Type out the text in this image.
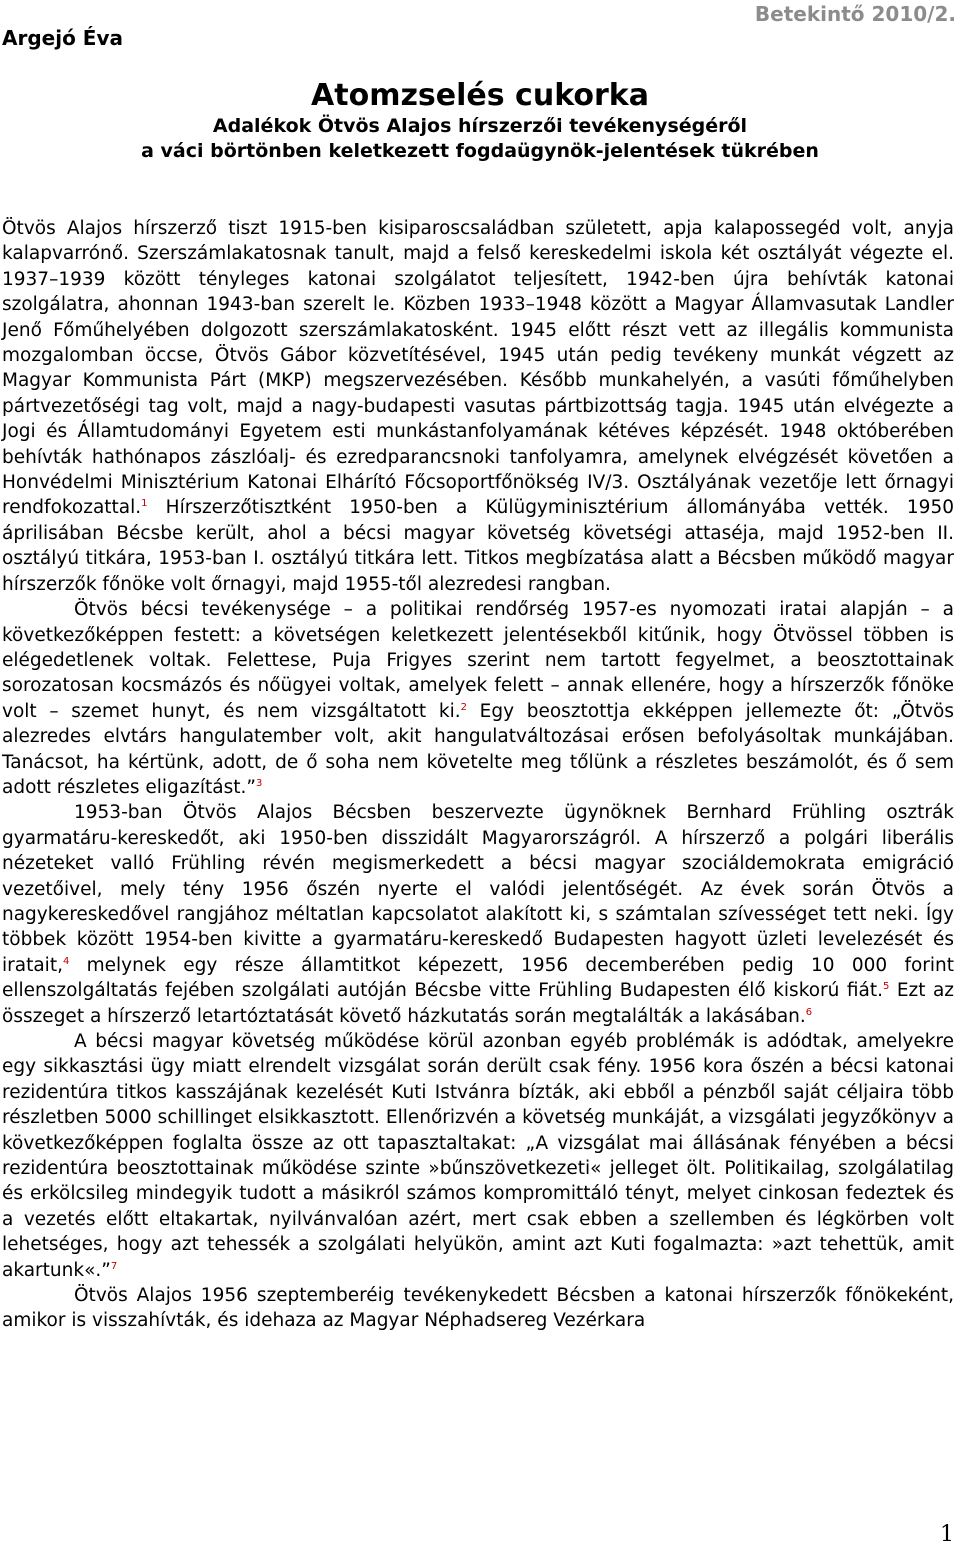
Argejó Éva
Betekintő 2010/2.
Atomzselés cukorka
Adalékok Ötvös Alajos hírszerzői tevékenységéről
a váci börtönben keletkezett fogdaügynök-jelentések tükrében

Ötvös Alajos hírszerző tiszt 1915-ben kisiparoscsaládban született, apja kalapossegéd volt, anyja kalapvarrónő. Szerszámlakatosnak tanult, majd a felső kereskedelmi iskola két osztályát végezte el. 1937–1939 között tényleges katonai szolgálatot teljesített, 1942-ben újra behívták katonai szolgálatra, ahonnan 1943-ban szerelt le. Közben 1933–1948 között a Magyar Államvasutak Landler Jenő Főműhelyében dolgozott szerszámlakatosként. 1945 előtt részt vett az illegális kommunista mozgalomban öccse, Ötvös Gábor közvetítésével, 1945 után pedig tevékeny munkát végzett az Magyar Kommunista Párt (MKP) megszervezésében. Később munkahelyén, a vasúti főműhelyben pártvezetőségi tag volt, majd a nagy-budapesti vasutas pártbizottság tagja. 1945 után elvégezte a Jogi és Államtudományi Egyetem esti munkástanfolyamának kétéves képzését. 1948 októberében behívták hathónapos zászlóalj- és ezredparancsnoki tanfolyamra, amelynek elvégzését követően a Honvédelmi Minisztérium Katonai Elhárító Főcsoportfőnökség IV/3. Osztályának vezetője lett őrnagyi rendfokozattal.$^1$ Hírszerzőtisztként 1950-ben a Külügyminisztérium állományába vették. 1950 áprilisában Bécsbe került, ahol a bécsi magyar követség követségi attaséja, majd 1952-ben II. osztályú titkára, 1953-ban I. osztályú titkára lett. Titkos megbízatása alatt a Bécsben működő magyar hírszerzők főnöke volt őrnagyi, majd 1955-től alezredesi rangban.

Ötvös bécsi tevékenysége – a politikai rendőrség 1957-es nyomozati iratai alapján – a következőképpen festett: a követségen keletkezett jelentésekből kitűnik, hogy Ötvössel többen is elégedetlenek voltak. Felettese, Puja Frigyes szerint nem tartott fegyelmet, a beosztottainak sorozatosan kocsmázós és nőügyei voltak, amelyek felett – annak ellenére, hogy a hírszerzők főnöke volt – szemet hunyt, és nem vizsgáltatott ki.$^2$ Egy beosztottja ekképpen jellemezte őt: „Ötvös alezredes elvtárs hangulatember volt, akit hangulatváltozásai erősen befolyásoltak munkájában. Tanácsot, ha kértünk, adott, de ő soha nem követelte meg tőlünk a részletes beszámolót, és ő sem adott részletes eligazítást.”$^3$

1953-ban Ötvös Alajos Bécsben beszervezte ügynöknek Bernhard Frühling osztrák gyarmatáru-kereskedőt, aki 1950-ben disszidált Magyarországról. A hírszerző a polgári liberális nézeteket valló Frühling révén megismerkedett a bécsi magyar szociáldemokrata emigráció vezetőivel, mely tény 1956 őszén nyerte el valódi jelentőségét. Az évek során Ötvös a nagykereskedővel rangjához méltatlan kapcsolatot alakított ki, s számtalan szívességet tett neki. Így többek között 1954-ben kivitte a gyarmatáru-kereskedő Budapesten hagyott üzleti levelezését és iratait,$^4$ melynek egy része államtitkot képezett, 1956 decemberében pedig 10 000 forint ellenszolgáltatás fejében szolgálati autóján Bécsbe vitte Frühling Budapesten élő kiskorú fiát.$^5$ Ezt az összeget a hírszerző letartóztatását követő házkutatás során megtalálták a lakásában.$^6$

A bécsi magyar követség működése körül azonban egyéb problémák is adódtak, amelyekre egy sikkasztási ügy miatt elrendelt vizsgálat során derült csak fény. 1956 kora őszén a bécsi katonai rezidentúra titkos kasszájának kezelését Kuti Istvánra bízták, aki ebből a pénzből saját céljaira több részletben 5000 schillinget elsikkasztott. Ellenőrizvén a követség munkáját, a vizsgálati jegyzőkönyv a következőképpen foglalta össze az ott tapasztaltakat: „A vizsgálat mai állásának fényében a bécsi rezidentúra beosztottainak működése szinte »bűnszövetkezeti« jelleget ölt. Politikailag, szolgálatilag és erkölcsileg mindegyik tudott a másikról számos kompromittáló tényt, melyet cinkosan fedeztek és a vezetés előtt eltakartak, nyilvánvalóan azért, mert csak ebben a szellemben és légkörben volt lehetséges, hogy azt tehessék a szolgálati helyükön, amint azt Kuti fogalmazta: »azt tehettük, amit akartunk«.”$^7$

Ötvös Alajos 1956 szeptemberéig tevékenykedett Bécsben a katonai hírszerzők főnökeként, amikor is visszahívták, és idehaza az Magyar Néphadsereg Vezérkara

1
